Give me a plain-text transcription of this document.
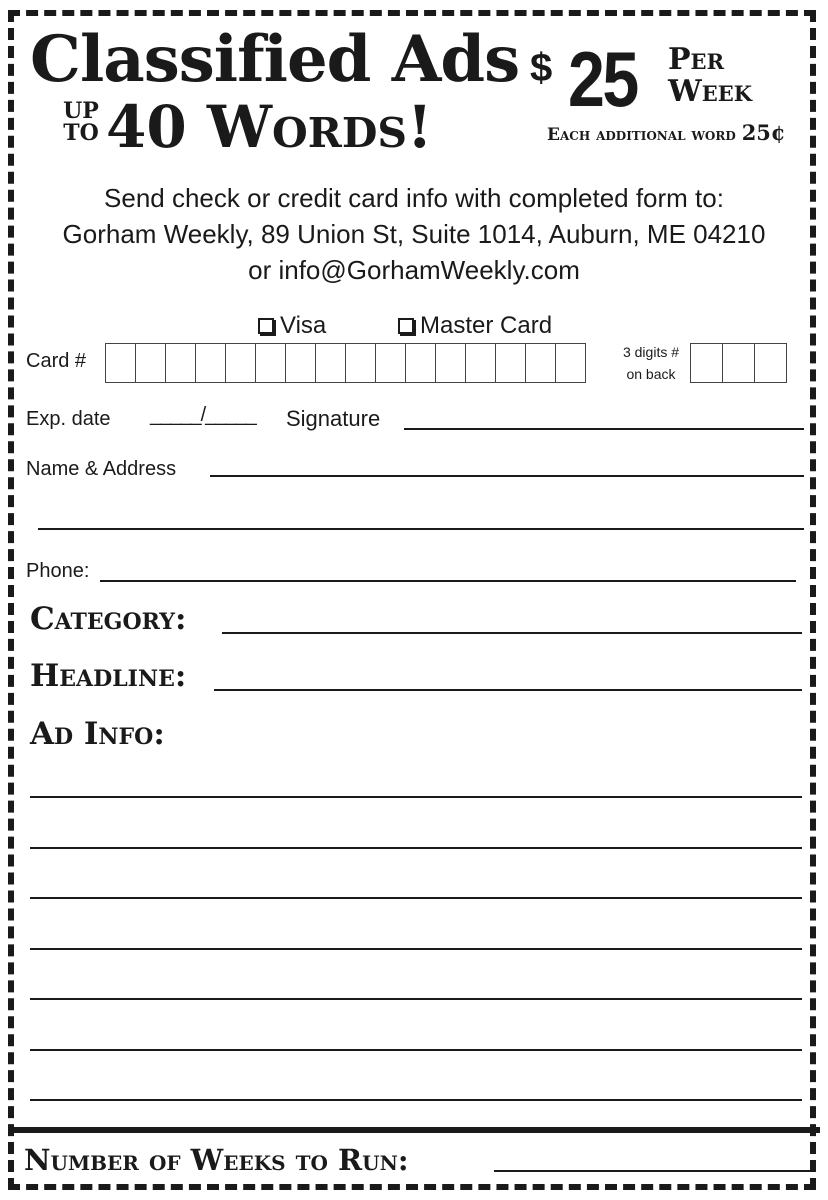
Classified Ads
UP
TO 40 Words!
$ 25 Per
Week
Each additional word 25¢
Send check or credit card info with completed form to:
Gorham Weekly, 89 Union St, Suite 1014, Auburn, ME 04210
or info@GorhamWeekly.com
Visa	Master Card
Card #	3 digits #
on back
Exp. date _____/_____ Signature
Name & Address
Phone:
Category:
Headline:
Ad Info:
Number of Weeks to Run:
